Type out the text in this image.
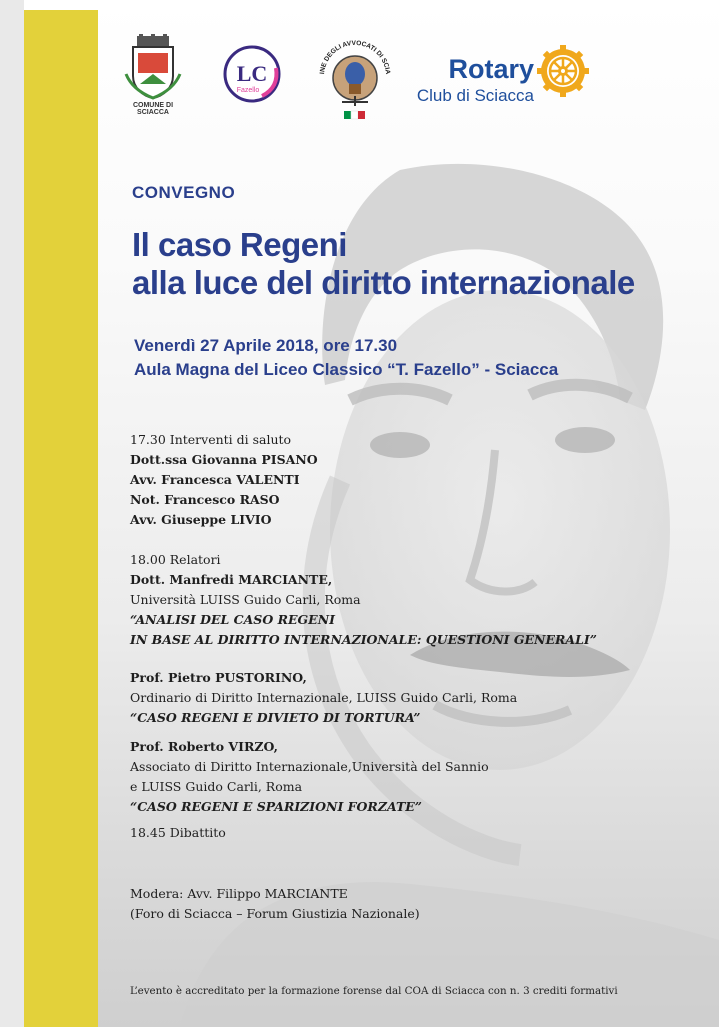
COMUNE DI SCIACCA
LC
Fazello
INE DEGLI AVVOCATI DI SCIA	Rotary
Club di Sciacca
CONVEGNO
Il caso Regeni
alla luce del diritto internazionale
Venerdì 27 Aprile 2018, ore 17.30
Aula Magna del Liceo Classico “T. Fazello” - Sciacca
17.30 Interventi di saluto
Dott.ssa Giovanna PISANO
Avv. Francesca VALENTI
Not. Francesco RASO
Avv. Giuseppe LIVIO
18.00 Relatori
Dott. Manfredi MARCIANTE,
Università LUISS Guido Carli, Roma
“ANALISI DEL CASO REGENI
IN BASE AL DIRITTO INTERNAZIONALE: QUESTIONI GENERALI”
Prof. Pietro PUSTORINO,
Ordinario di Diritto Internazionale, LUISS Guido Carli, Roma
“CASO REGENI E DIVIETO DI TORTURA”
Prof. Roberto VIRZO,
Associato di Diritto Internazionale,Università del Sannio
e LUISS Guido Carli, Roma
“CASO REGENI E SPARIZIONI FORZATE”
18.45 Dibattito
Modera: Avv. Filippo MARCIANTE
(Foro di Sciacca – Forum Giustizia Nazionale)
L’evento è accreditato per la formazione forense dal COA di Sciacca con n. 3 crediti formativi
